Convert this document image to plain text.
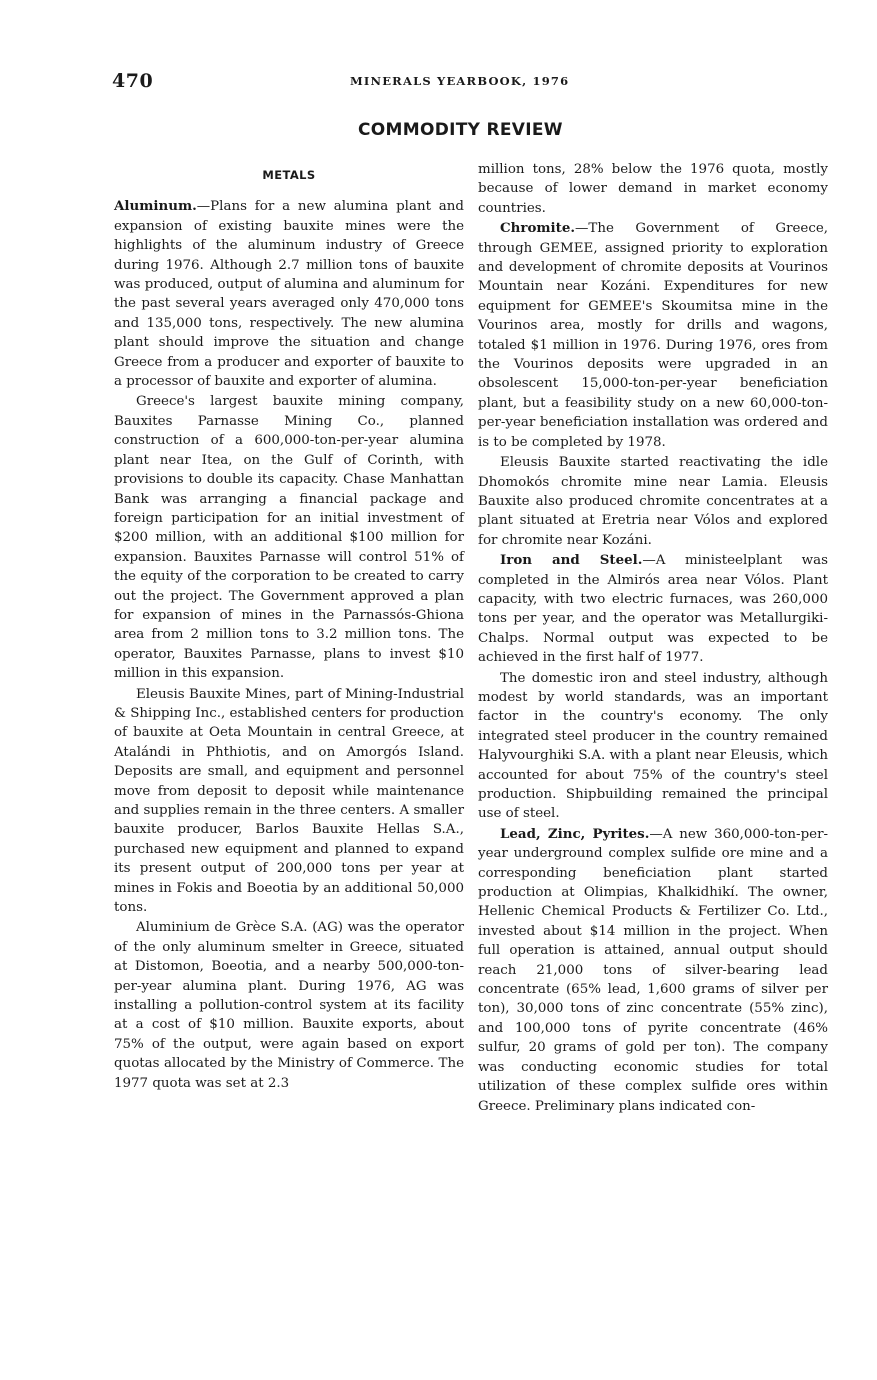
470	MINERALS YEARBOOK, 1976
COMMODITY REVIEW
METALS

Aluminum.—Plans for a new alumina plant and expansion of existing bauxite mines were the highlights of the aluminum industry of Greece during 1976. Although 2.7 million tons of bauxite was produced, output of alumina and aluminum for the past several years averaged only 470,000 tons and 135,000 tons, respectively. The new alumina plant should improve the situation and change Greece from a producer and exporter of bauxite to a processor of bauxite and exporter of alumina.

Greece's largest bauxite mining company, Bauxites Parnasse Mining Co., planned construction of a 600,000-ton-per-year alumina plant near Itea, on the Gulf of Corinth, with provisions to double its capacity. Chase Manhattan Bank was arranging a financial package and foreign participation for an initial investment of $200 million, with an additional $100 million for expansion. Bauxites Parnasse will control 51% of the equity of the corporation to be created to carry out the project. The Government approved a plan for expansion of mines in the Parnassós-Ghiona area from 2 million tons to 3.2 million tons. The operator, Bauxites Parnasse, plans to invest $10 million in this expansion.

Eleusis Bauxite Mines, part of Mining-Industrial & Shipping Inc., established centers for production of bauxite at Oeta Mountain in central Greece, at Atalándi in Phthiotis, and on Amorgós Island. Deposits are small, and equipment and personnel move from deposit to deposit while maintenance and supplies remain in the three centers. A smaller bauxite producer, Barlos Bauxite Hellas S.A., purchased new equipment and planned to expand its present output of 200,000 tons per year at mines in Fokis and Boeotia by an additional 50,000 tons.

Aluminium de Grèce S.A. (AG) was the operator of the only aluminum smelter in Greece, situated at Distomon, Boeotia, and a nearby 500,000-ton-per-year alumina plant. During 1976, AG was installing a pollution-control system at its facility at a cost of $10 million. Bauxite exports, about 75% of the output, were again based on export quotas allocated by the Ministry of Commerce. The 1977 quota was set at 2.3

million tons, 28% below the 1976 quota, mostly because of lower demand in market economy countries.

Chromite.—The Government of Greece, through GEMEE, assigned priority to exploration and development of chromite deposits at Vourinos Mountain near Kozáni. Expenditures for new equipment for GEMEE's Skoumitsa mine in the Vourinos area, mostly for drills and wagons, totaled $1 million in 1976. During 1976, ores from the Vourinos deposits were upgraded in an obsolescent 15,000-ton-per-year beneficiation plant, but a feasibility study on a new 60,000-ton-per-year beneficiation installation was ordered and is to be completed by 1978.

Eleusis Bauxite started reactivating the idle Dhomokós chromite mine near Lamia. Eleusis Bauxite also produced chromite concentrates at a plant situated at Eretria near Vólos and explored for chromite near Kozáni.

Iron and Steel.—A ministeelplant was completed in the Almirós area near Vólos. Plant capacity, with two electric furnaces, was 260,000 tons per year, and the operator was Metallurgiki-Chalps. Normal output was expected to be achieved in the first half of 1977.

The domestic iron and steel industry, although modest by world standards, was an important factor in the country's economy. The only integrated steel producer in the country remained Halyvourghiki S.A. with a plant near Eleusis, which accounted for about 75% of the country's steel production. Shipbuilding remained the principal use of steel.

Lead, Zinc, Pyrites.—A new 360,000-ton-per-year underground complex sulfide ore mine and a corresponding beneficiation plant started production at Olimpias, Khalkidhikí. The owner, Hellenic Chemical Products & Fertilizer Co. Ltd., invested about $14 million in the project. When full operation is attained, annual output should reach 21,000 tons of silver-bearing lead concentrate (65% lead, 1,600 grams of silver per ton), 30,000 tons of zinc concentrate (55% zinc), and 100,000 tons of pyrite concentrate (46% sulfur, 20 grams of gold per ton). The company was conducting economic studies for total utilization of these complex sulfide ores within Greece. Preliminary plans indicated con-
